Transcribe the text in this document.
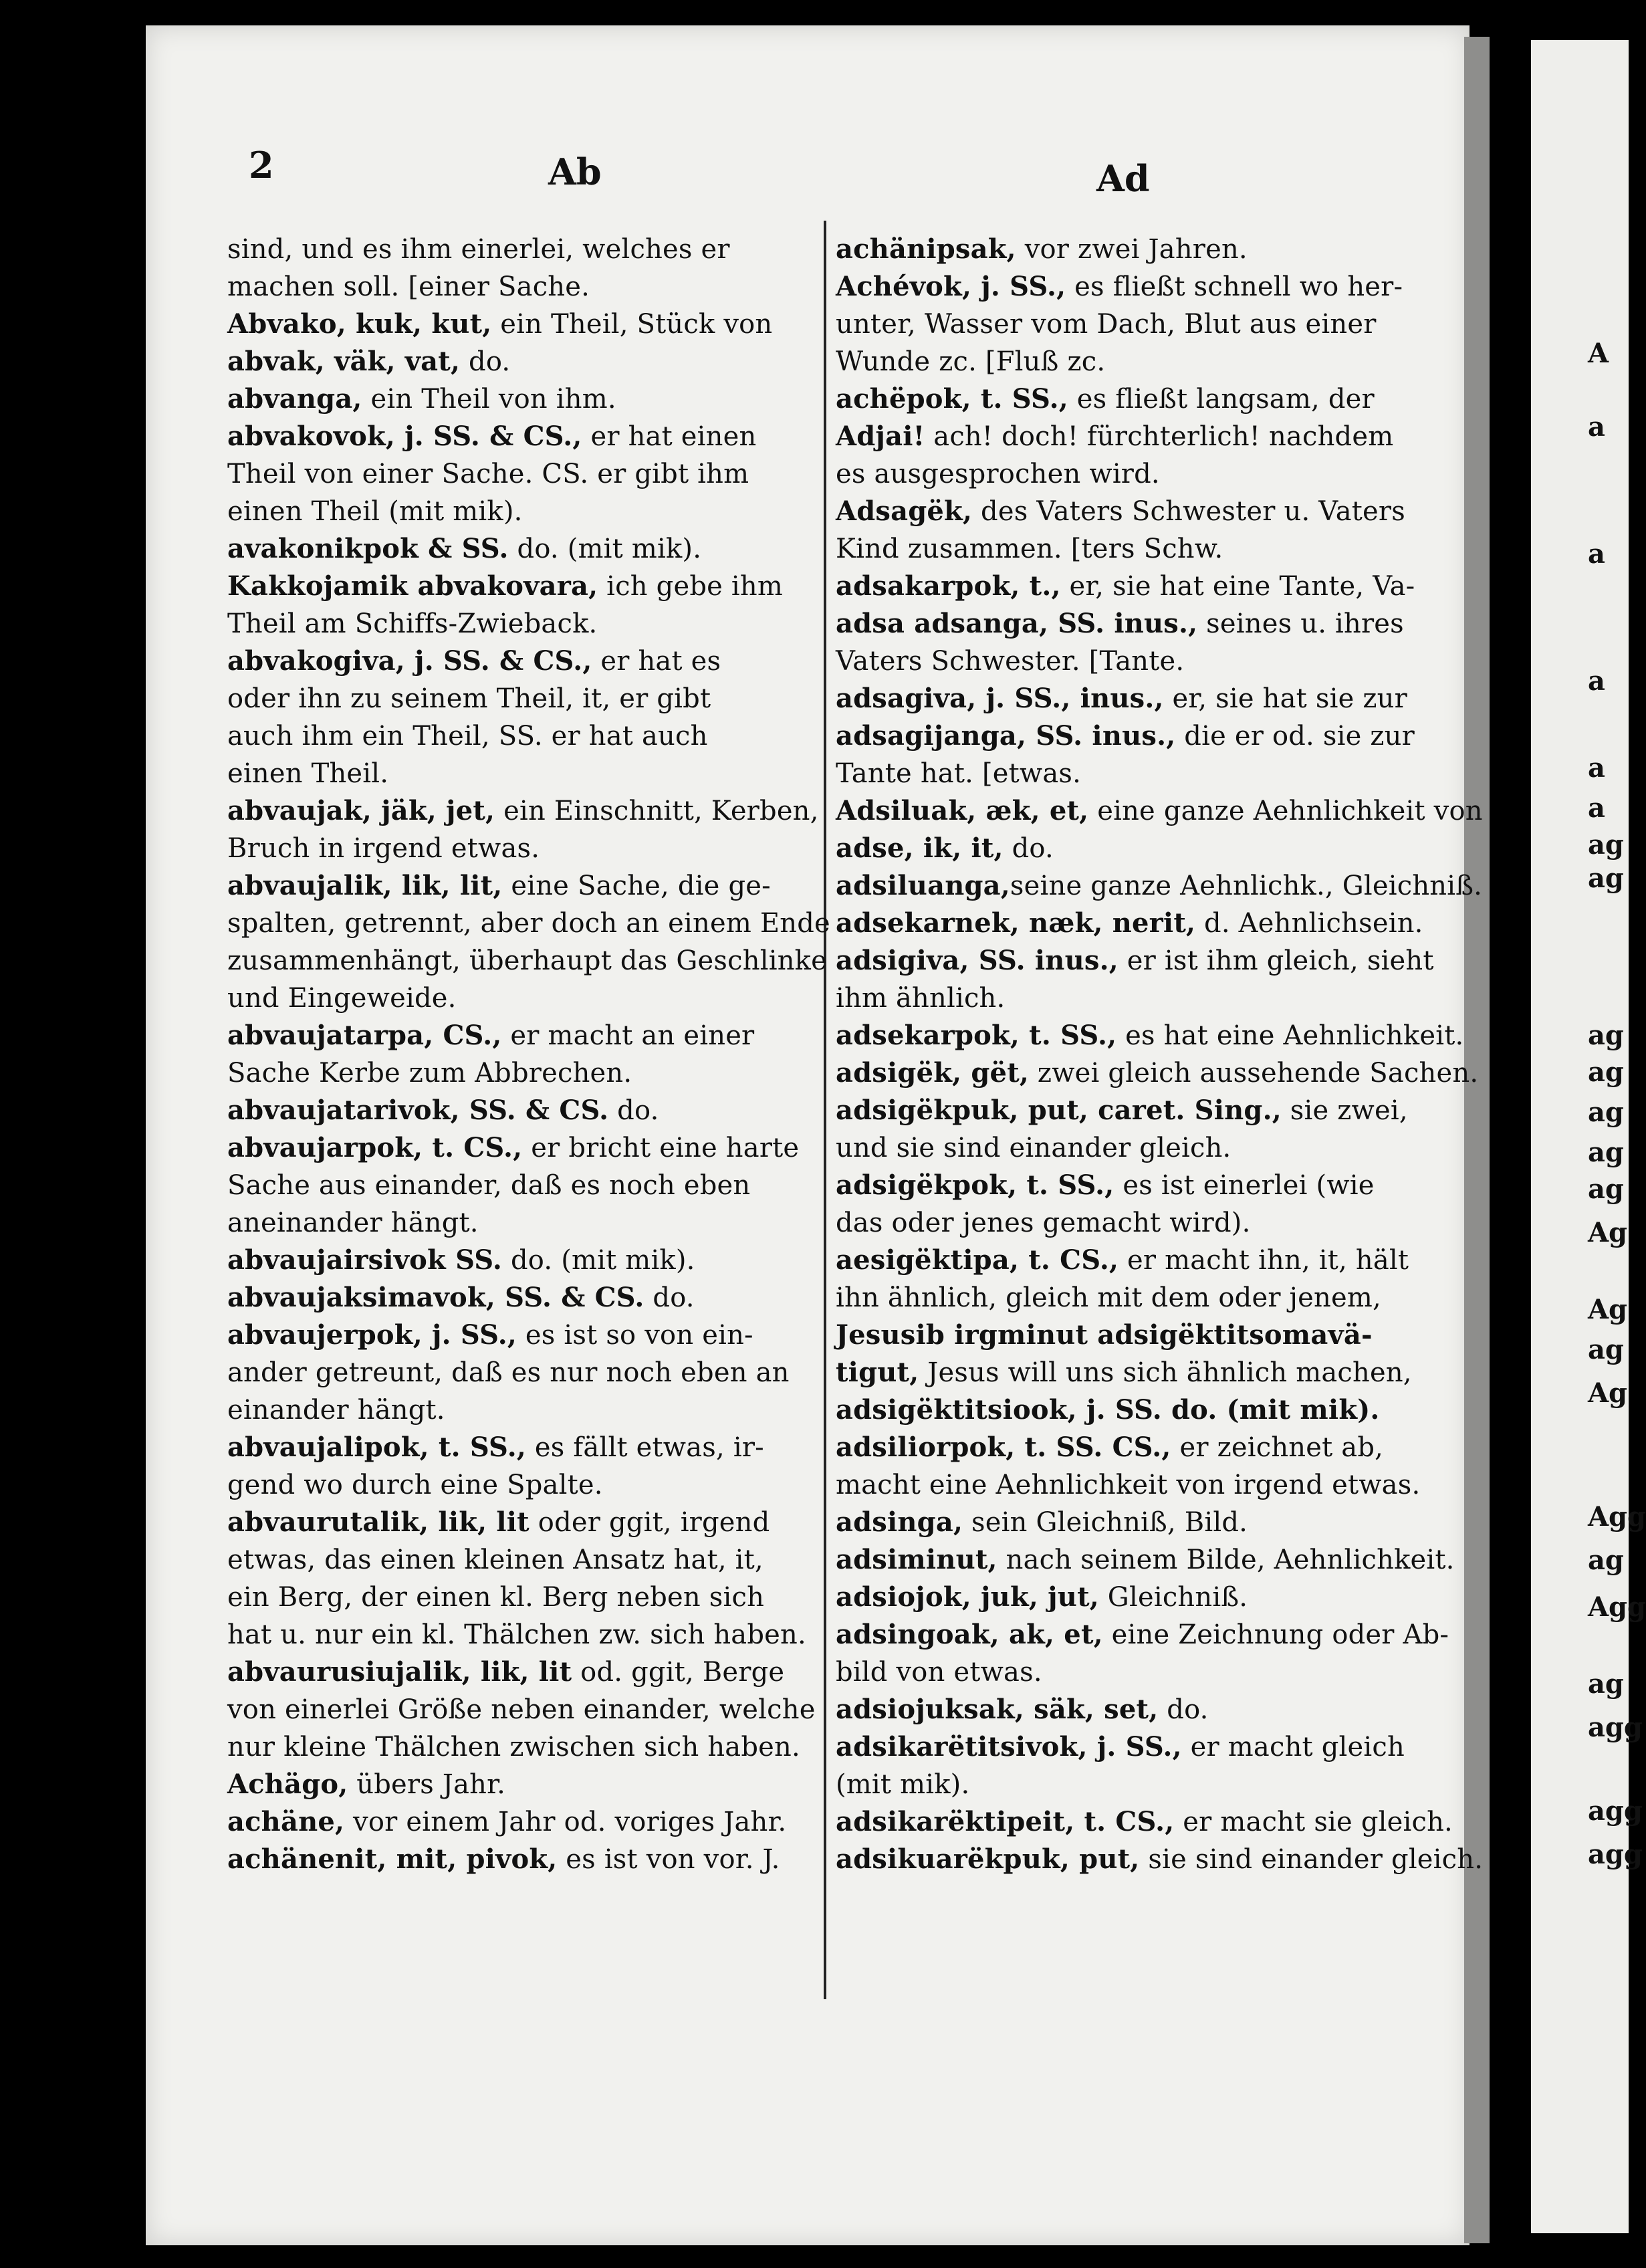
2	Ab	Ad
sind, und es ihm einerlei, welches er
machen soll. [einer Sache.
Abvako, kuk, kut, ein Theil, Stück von
abvak, väk, vat, do.
abvanga, ein Theil von ihm.
abvakovok, j. SS. & CS., er hat einen
Theil von einer Sache. CS. er gibt ihm
einen Theil (mit mik).
avakonikpok & SS. do. (mit mik).
Kakkojamik abvakovara, ich gebe ihm
Theil am Schiffs-Zwieback.
abvakogiva, j. SS. & CS., er hat es
oder ihn zu seinem Theil, it, er gibt
auch ihm ein Theil, SS. er hat auch
einen Theil.
abvaujak, jäk, jet, ein Einschnitt, Kerben,
Bruch in irgend etwas.
abvaujalik, lik, lit, eine Sache, die ge-
spalten, getrennt, aber doch an einem Ende
zusammenhängt, überhaupt das Geschlinke
und Eingeweide.
abvaujatarpa, CS., er macht an einer
Sache Kerbe zum Abbrechen.
abvaujatarivok, SS. & CS. do.
abvaujarpok, t. CS., er bricht eine harte
Sache aus einander, daß es noch eben
aneinander hängt.
abvaujairsivok SS. do. (mit mik).
abvaujaksimavok, SS. & CS. do.
abvaujerpok, j. SS., es ist so von ein-
ander getreunt, daß es nur noch eben an
einander hängt.
abvaujalipok, t. SS., es fällt etwas, ir-
gend wo durch eine Spalte.
abvaurutalik, lik, lit oder ggit, irgend
etwas, das einen kleinen Ansatz hat, it,
ein Berg, der einen kl. Berg neben sich
hat u. nur ein kl. Thälchen zw. sich haben.
abvaurusiujalik, lik, lit od. ggit, Berge
von einerlei Größe neben einander, welche
nur kleine Thälchen zwischen sich haben.
Achägo, übers Jahr.
achäne, vor einem Jahr od. voriges Jahr.
achänenit, mit, pivok, es ist von vor. J.
achänipsak, vor zwei Jahren.
Achévok, j. SS., es fließt schnell wo her-
unter, Wasser vom Dach, Blut aus einer
Wunde zc. [Fluß zc.
achëpok, t. SS., es fließt langsam, der
Adjai! ach! doch! fürchterlich! nachdem
es ausgesprochen wird.
Adsagëk, des Vaters Schwester u. Vaters
Kind zusammen. [ters Schw.
adsakarpok, t., er, sie hat eine Tante, Va-
adsa adsanga, SS. inus., seines u. ihres
Vaters Schwester. [Tante.
adsagiva, j. SS., inus., er, sie hat sie zur
adsagijanga, SS. inus., die er od. sie zur
Tante hat. [etwas.
Adsiluak, æk, et, eine ganze Aehnlichkeit von
adse, ik, it, do.
adsiluanga,seine ganze Aehnlichk., Gleichniß.
adsekarnek, næk, nerit, d. Aehnlichsein.
adsigiva, SS. inus., er ist ihm gleich, sieht
ihm ähnlich.
adsekarpok, t. SS., es hat eine Aehnlichkeit.
adsigëk, gët, zwei gleich aussehende Sachen.
adsigëkpuk, put, caret. Sing., sie zwei,
und sie sind einander gleich.
adsigëkpok, t. SS., es ist einerlei (wie
das oder jenes gemacht wird).
aesigëktipa, t. CS., er macht ihn, it, hält
ihn ähnlich, gleich mit dem oder jenem,
Jesusib irgminut adsigëktitsomavä-
tigut, Jesus will uns sich ähnlich machen,
adsigëktitsiook, j. SS. do. (mit mik).
adsiliorpok, t. SS. CS., er zeichnet ab,
macht eine Aehnlichkeit von irgend etwas.
adsinga, sein Gleichniß, Bild.
adsiminut, nach seinem Bilde, Aehnlichkeit.
adsiojok, juk, jut, Gleichniß.
adsingoak, ak, et, eine Zeichnung oder Ab-
bild von etwas.
adsiojuksak, säk, set, do.
adsikarëtitsivok, j. SS., er macht gleich
(mit mik).
adsikarëktipeit, t. CS., er macht sie gleich.
adsikuarëkpuk, put, sie sind einander gleich.
A
a
a
a
a
a
ag
ag
ag
ag
ag
ag
ag
Ag
Ag
ag
Ag
Agg
ag
Agg
ag
agg
agg
agg
